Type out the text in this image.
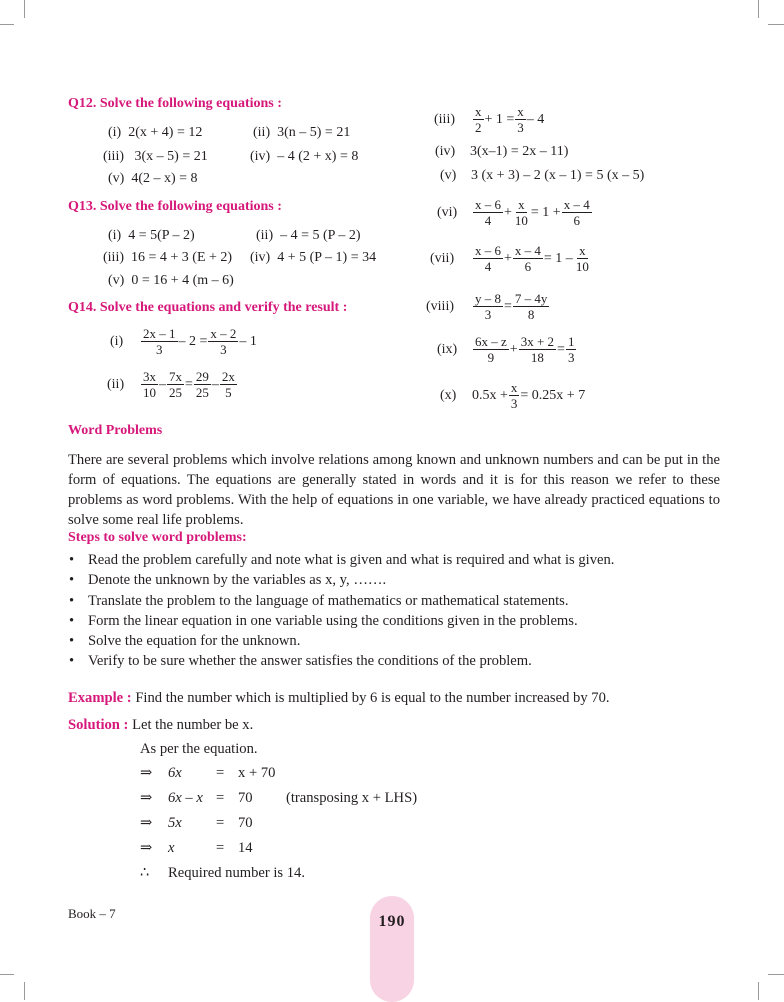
Q12. Solve the following equations :
(i) 2(x + 4) = 12	(ii) 3(n – 5) = 21
(iii) 3(x – 5) = 21	(iv) – 4 (2 + x) = 8
(v) 4(2 – x) = 8
Q13. Solve the following equations :
(i) 4 = 5(P – 2)	(ii) – 4 = 5 (P – 2)
(iii) 16 = 4 + 3 (E + 2) (iv) 4 + 5 (P – 1) = 34
(v) 0 = 16 + 4 (m – 6)
Q14. Solve the equations and verify the result :
(i)	$\frac{2x - 1}{3} - 2 = \frac{x - 2}{3} - 1$
(ii)	$\frac{3x}{10} - \frac{7x}{25} = \frac{29}{25} - \frac{2x}{5}$
(iii)	$\frac{x}{2} + 1 = \frac{x}{3} - 4$
(iv) 3(x–1) = 2x – 11)
(v) 3 (x + 3) – 2 (x – 1) = 5 (x – 5)
(vi)	$\frac{x - 6}{4} + \frac{x}{10} = 1 + \frac{x - 4}{6}$
(vii)	$\frac{x - 6}{4} + \frac{x - 4}{6} = 1 - \frac{x}{10}$
(viii)	$\frac{y - 8}{3} = \frac{7 - 4y}{8}$
(ix)	$\frac{6x - z}{9} + \frac{3x + 2}{18} = \frac{1}{3}$
(x)	$0.5x + \frac{x}{3} = 0.25x + 7$
Word Problems
There are several problems which involve relations among known and unknown numbers and can be put in the form of equations. The equations are generally stated in words and it is for this reason we refer to these problems as word problems. With the help of equations in one variable, we have already practiced equations to solve some real life problems.
Steps to solve word problems:
• Read the problem carefully and note what is given and what is required and what is given.
• Denote the unknown by the variables as x, y, …….
• Translate the problem to the language of mathematics or mathematical statements.
• Form the linear equation in one variable using the conditions given in the problems.
• Solve the equation for the unknown.
• Verify to be sure whether the answer satisfies the conditions of the problem.
Example : Find the number which is multiplied by 6 is equal to the number increased by 70.
Solution : Let the number be x.
As per the equation.
⇒ 6x = x + 70
⇒ 6x – x = 70 (transposing x + LHS)
⇒ 5x = 70
⇒ x	= 14
∴ Required number is 14.
Book – 7	190
